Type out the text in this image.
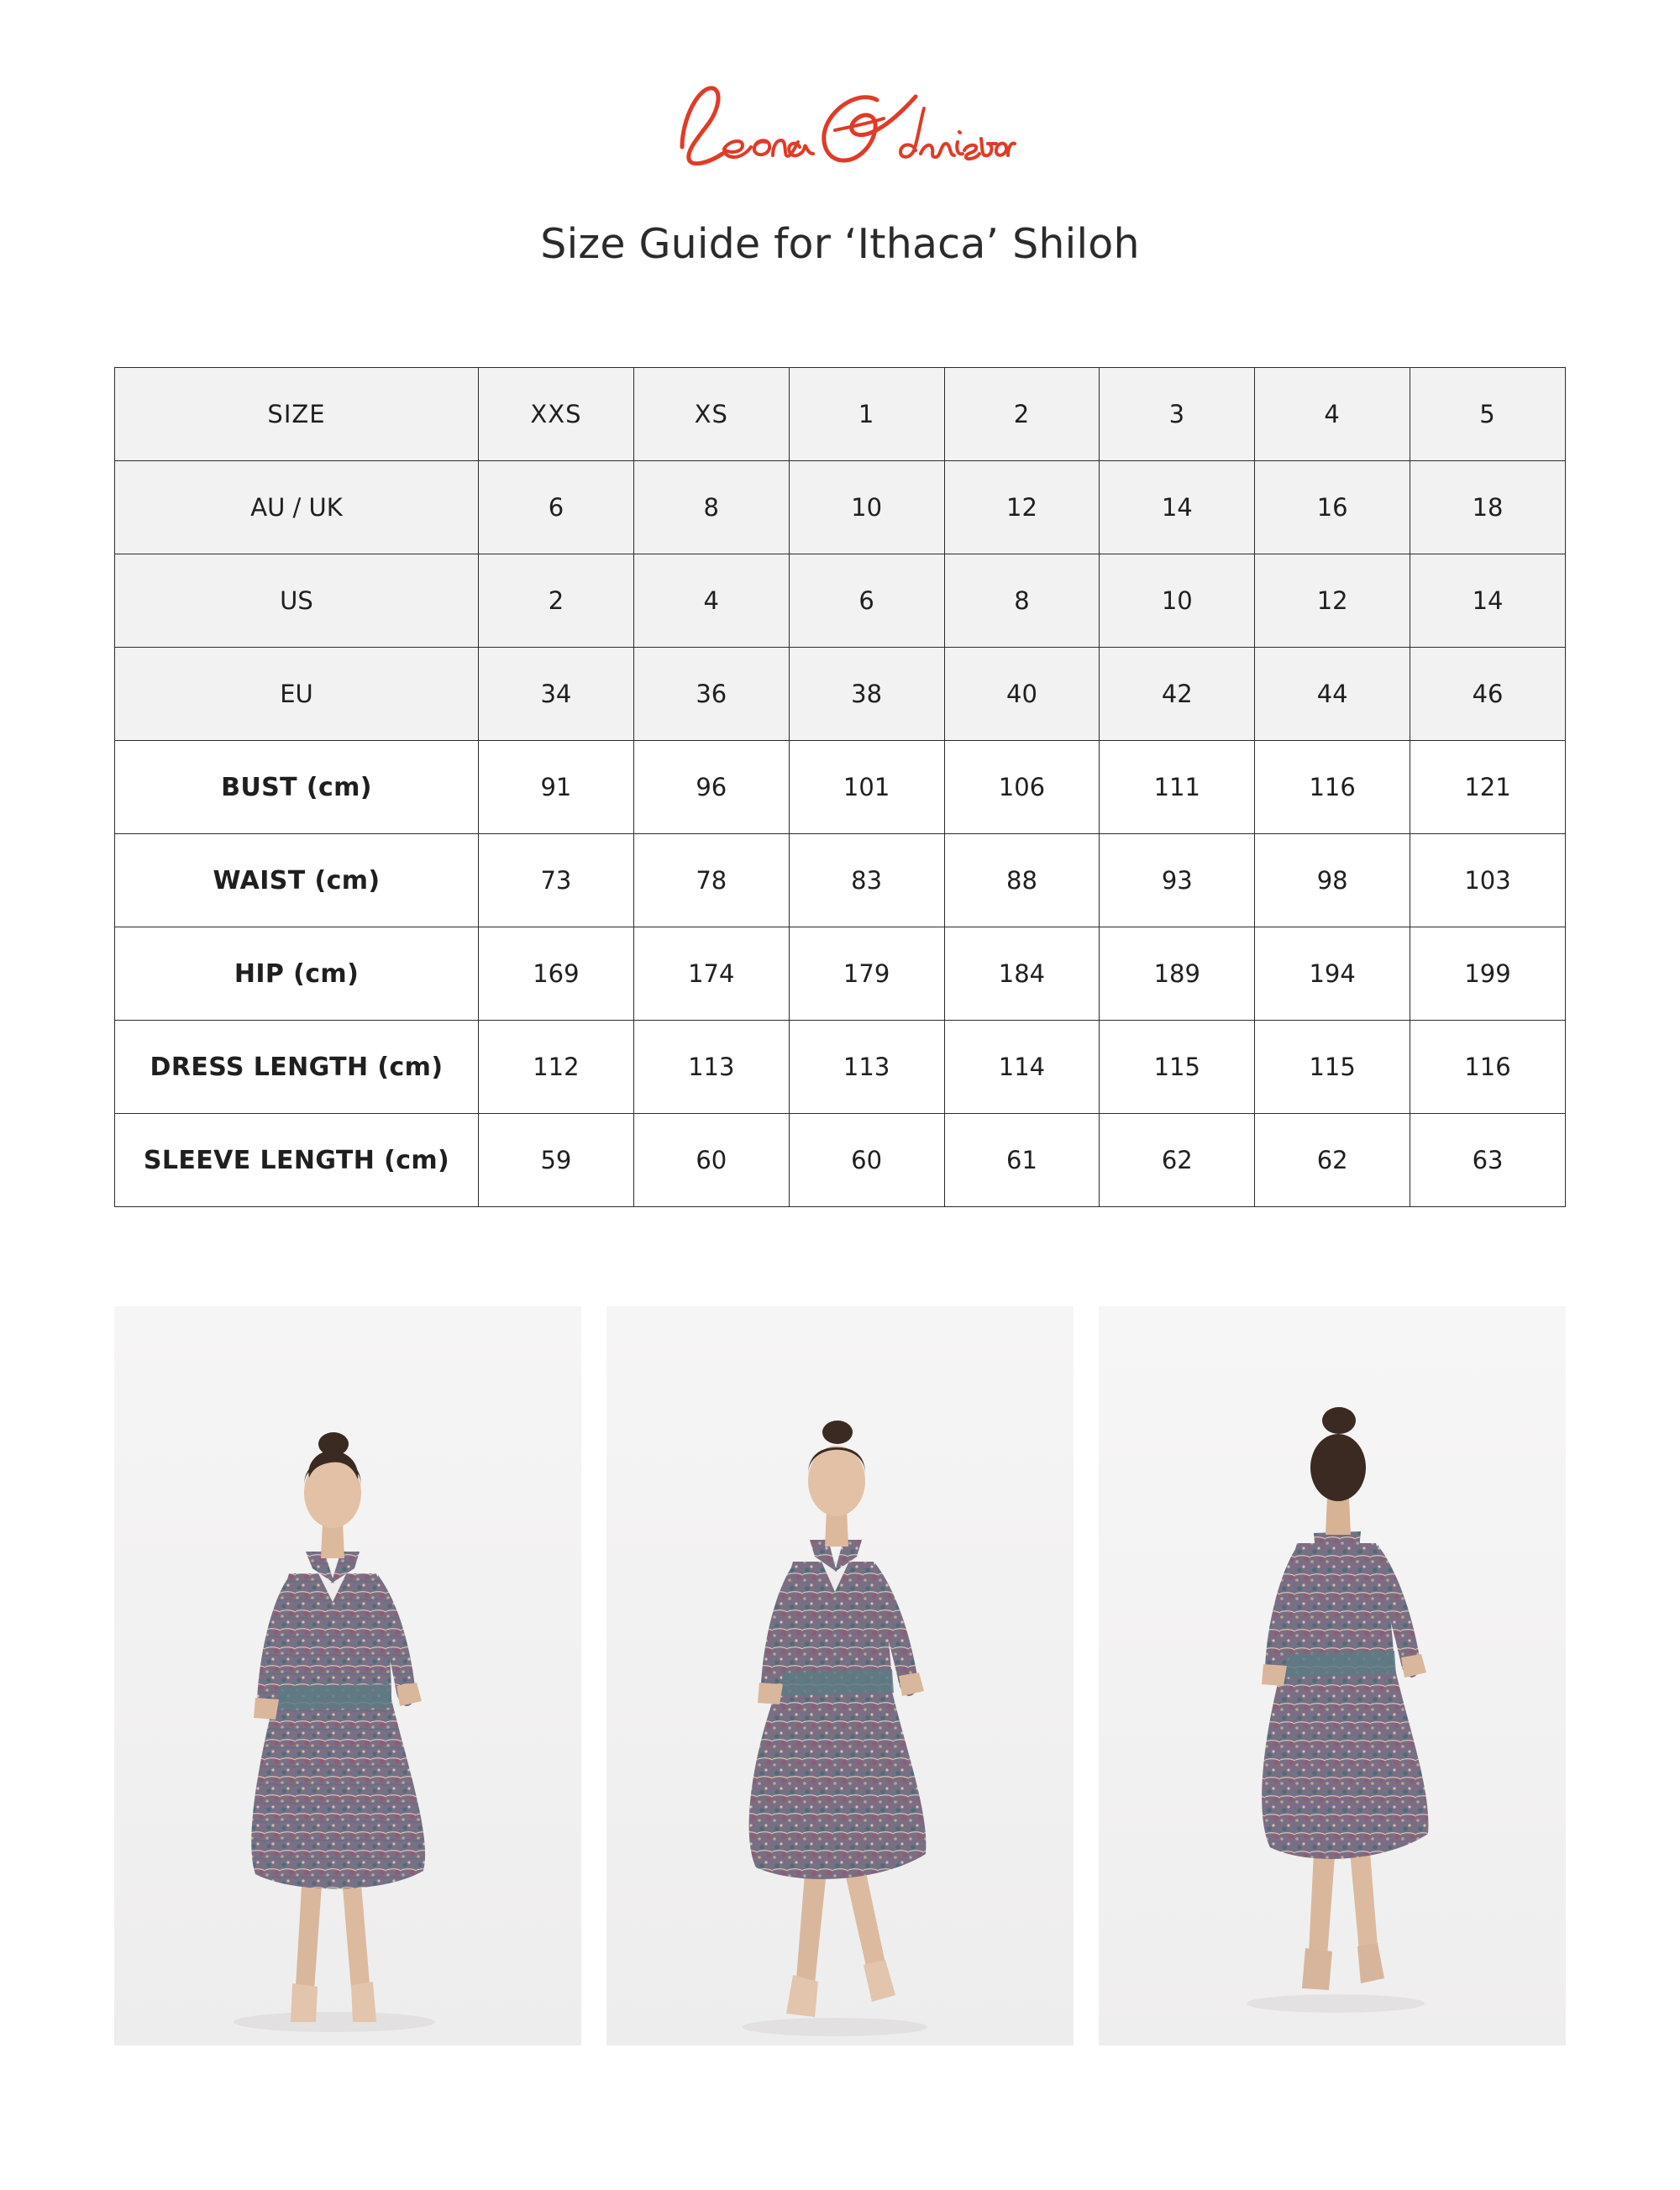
Size Guide for ‘Ithaca’ Shiloh
SIZE	XXS	XS	1	2	3	4	5
AU / UK	6	8	10	12	14	16	18
US	2	4	6	8	10	12	14
EU	34	36	38	40	42	44	46
BUST (cm)	91	96	101	106	111	116	121
WAIST (cm)	73	78	83	88	93	98	103
HIP (cm)	169	174	179	184	189	194	199
DRESS LENGTH (cm)	112	113	113	114	115	115	116
SLEEVE LENGTH (cm)	59	60	60	61	62	62	63
